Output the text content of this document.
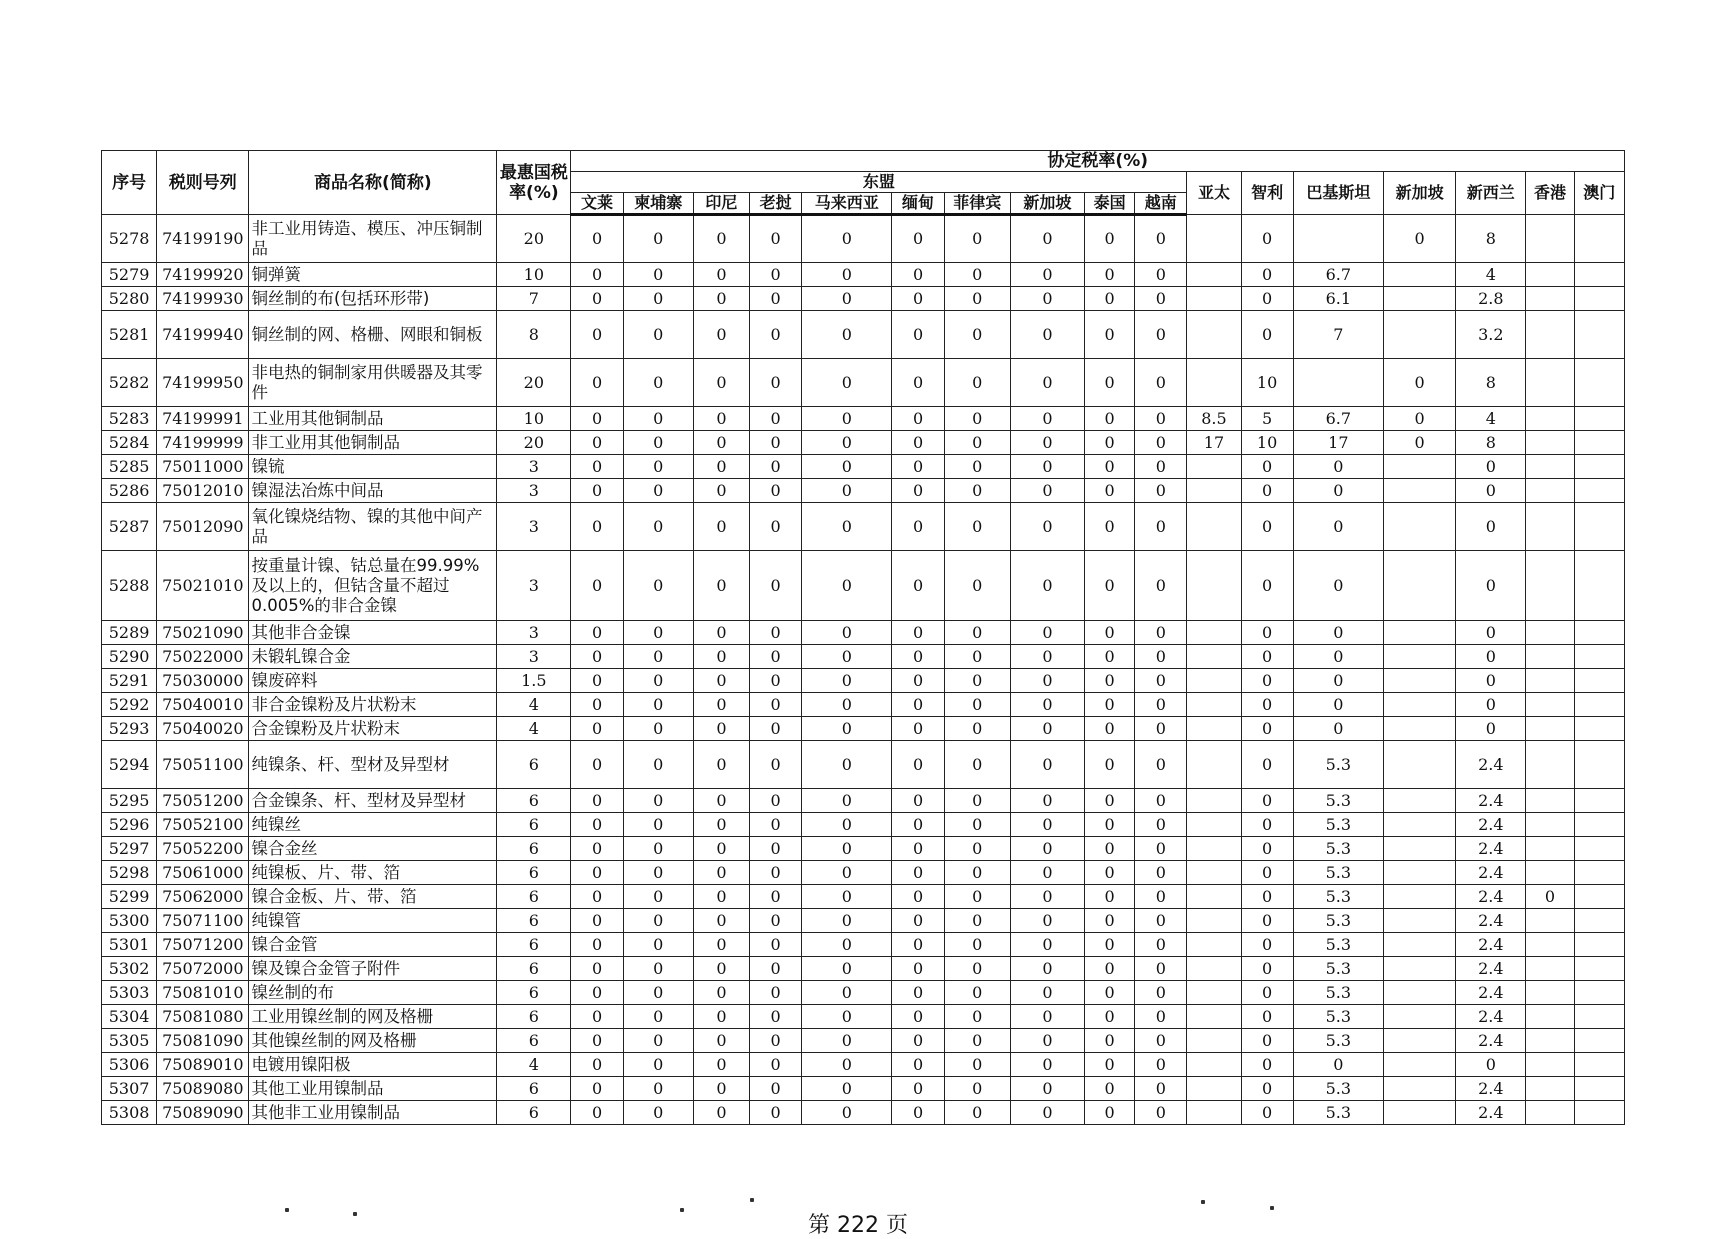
序号	税则号列	商品名称(简称)	最惠国税率(%)	协定税率(%)																
				东盟										亚太	智利	巴基斯坦	新加坡	新西兰	香港	澳门
				文莱	柬埔寨	印尼	老挝	马来西亚	缅甸	菲律宾	新加坡	泰国	越南							
5278	74199190	非工业用铸造、模压、冲压铜制品	20	0	0	0	0	0	0	0	0	0	0		0		0	8		
5279	74199920	铜弹簧	10	0	0	0	0	0	0	0	0	0	0		0	6.7		4		
5280	74199930	铜丝制的布(包括环形带)	7	0	0	0	0	0	0	0	0	0	0		0	6.1		2.8		
5281	74199940	铜丝制的网、格栅、网眼和铜板	8	0	0	0	0	0	0	0	0	0	0		0	7		3.2		
5282	74199950	非电热的铜制家用供暖器及其零件	20	0	0	0	0	0	0	0	0	0	0		10		0	8		
5283	74199991	工业用其他铜制品	10	0	0	0	0	0	0	0	0	0	0	8.5	5	6.7	0	4		
5284	74199999	非工业用其他铜制品	20	0	0	0	0	0	0	0	0	0	0	17	10	17	0	8		
5285	75011000	镍锍	3	0	0	0	0	0	0	0	0	0	0		0	0		0		
5286	75012010	镍湿法冶炼中间品	3	0	0	0	0	0	0	0	0	0	0		0	0		0		
5287	75012090	氧化镍烧结物、镍的其他中间产品	3	0	0	0	0	0	0	0	0	0	0		0	0		0		
5288	75021010	按重量计镍、钴总量在99.99%及以上的，但钴含量不超过0.005%的非合金镍	3	0	0	0	0	0	0	0	0	0	0		0	0		0		
5289	75021090	其他非合金镍	3	0	0	0	0	0	0	0	0	0	0		0	0		0		
5290	75022000	未锻轧镍合金	3	0	0	0	0	0	0	0	0	0	0		0	0		0		
5291	75030000	镍废碎料	1.5	0	0	0	0	0	0	0	0	0	0		0	0		0		
5292	75040010	非合金镍粉及片状粉末	4	0	0	0	0	0	0	0	0	0	0		0	0		0		
5293	75040020	合金镍粉及片状粉末	4	0	0	0	0	0	0	0	0	0	0		0	0		0		
5294	75051100	纯镍条、杆、型材及异型材	6	0	0	0	0	0	0	0	0	0	0		0	5.3		2.4		
5295	75051200	合金镍条、杆、型材及异型材	6	0	0	0	0	0	0	0	0	0	0		0	5.3		2.4		
5296	75052100	纯镍丝	6	0	0	0	0	0	0	0	0	0	0		0	5.3		2.4		
5297	75052200	镍合金丝	6	0	0	0	0	0	0	0	0	0	0		0	5.3		2.4		
5298	75061000	纯镍板、片、带、箔	6	0	0	0	0	0	0	0	0	0	0		0	5.3		2.4		
5299	75062000	镍合金板、片、带、箔	6	0	0	0	0	0	0	0	0	0	0		0	5.3		2.4	0	
5300	75071100	纯镍管	6	0	0	0	0	0	0	0	0	0	0		0	5.3		2.4		
5301	75071200	镍合金管	6	0	0	0	0	0	0	0	0	0	0		0	5.3		2.4		
5302	75072000	镍及镍合金管子附件	6	0	0	0	0	0	0	0	0	0	0		0	5.3		2.4		
5303	75081010	镍丝制的布	6	0	0	0	0	0	0	0	0	0	0		0	5.3		2.4		
5304	75081080	工业用镍丝制的网及格栅	6	0	0	0	0	0	0	0	0	0	0		0	5.3		2.4		
5305	75081090	其他镍丝制的网及格栅	6	0	0	0	0	0	0	0	0	0	0		0	5.3		2.4		
5306	75089010	电镀用镍阳极	4	0	0	0	0	0	0	0	0	0	0		0	0		0		
5307	75089080	其他工业用镍制品	6	0	0	0	0	0	0	0	0	0	0		0	5.3		2.4		
5308	75089090	其他非工业用镍制品	6	0	0	0	0	0	0	0	0	0	0		0	5.3		2.4		
第 222 页
